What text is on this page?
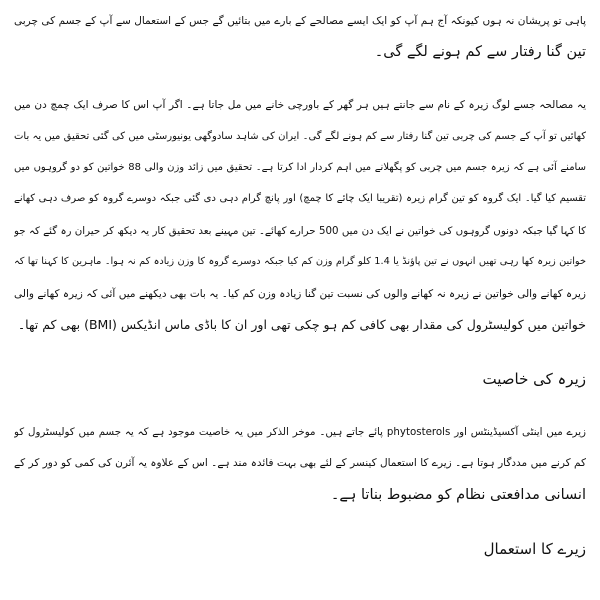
پاہی تو پریشان نہ ہوں کیونکہ آج ہم آپ کو ایک ایسے مصالحے کے بارے میں بتائیں گے جس کے استعمال سے آپ کے جسم کی چربی
تین گنا رفتار سے کم ہونے لگے گی۔
یہ مصالحہ جسے لوگ زیرہ کے نام سے جانتے ہیں ہر گھر کے باورچی خانے میں مل جاتا ہے۔ اگر آپ اس کا صرف ایک چمچ دن میں
کھائیں تو آپ کے جسم کی چربی تین گنا رفتار سے کم ہونے لگے گی۔ ایران کی شاہد سادوگھی یونیورسٹی میں کی گئی تحقیق میں یہ بات
سامنے آئی ہے کہ زیرہ جسم میں چربی کو پگھلانے میں اہم کردار ادا کرتا ہے۔ تحقیق میں زائد وزن والی 88 خواتین کو دو گروہوں میں
تقسیم کیا گیا۔ ایک گروہ کو تین گرام زیرہ (تقریبا ایک چائے کا چمچ) اور پانچ گرام دہی دی گئی جبکہ دوسرے گروہ کو صرف دہی کھانے
کا کہا گیا جبکہ دونوں گروہوں کی خواتین نے ایک دن میں 500 حرارے کھائے۔ تین مہینے بعد تحقیق کار یہ دیکھ کر حیران رہ گئے کہ جو
خواتین زیرہ کھا رہی تھیں انہوں نے تین پاؤنڈ یا 1.4 کلو گرام وزن کم کیا جبکہ دوسرے گروہ کا وزن زیادہ کم نہ ہوا۔ ماہرین کا کہنا تھا کہ
زیرہ کھانے والی خواتین نے زیرہ نہ کھانے والوں کی نسبت تین گنا زیادہ وزن کم کیا۔ یہ بات بھی دیکھنے میں آئی کہ زیرہ کھانے والی
خواتین میں کولیسٹرول کی مقدار بھی کافی کم ہو چکی تھی اور ان کا باڈی ماس انڈیکس (BMI) بھی کم تھا۔
زیرہ کی خاصیت
زیرے میں اینٹی آکسیڈینٹس اور phytosterols پائے جاتے ہیں۔ موخر الذکر میں یہ خاصیت موجود ہے کہ یہ جسم میں کولیسٹرول کو
کم کرنے میں مددگار ہوتا ہے۔ زیرے کا استعمال کینسر کے لئے بھی بہت فائدہ مند ہے۔ اس کے علاوہ یہ آئرن کی کمی کو دور کر کے
انسانی مدافعتی نظام کو مضبوط بناتا ہے۔
زیرے کا استعمال
